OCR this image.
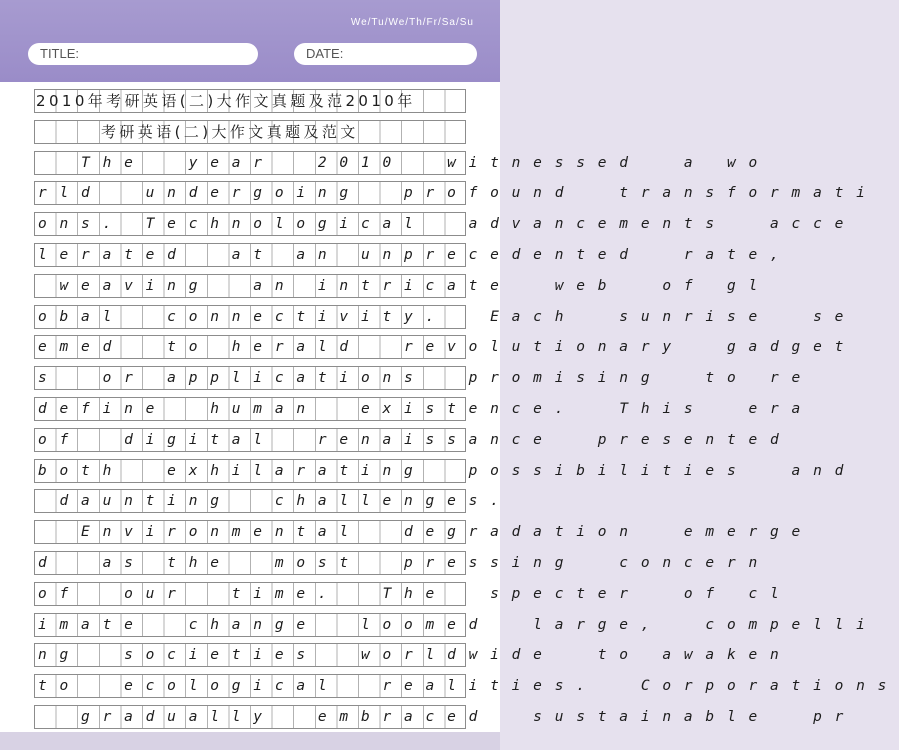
We/Tu/We/Th/Fr/Sa/Su
TITLE:	DATE:
2010年考研英语(二)大作文真题及范2010年
考研英语(二)大作文真题及范文
The  year  2010  witnessed  a wo
rld  undergoing  profound  transformati
ons. Technological  advancements  acce
lerated  at an unprecedented  rate,
weaving  an intricate  web  of gl
obal  connectivity.  Each  sunrise  se
emed  to herald  revolutionary  gadget
s  or applications  promising  to re
define  human  existence.  This  era
of  digital  renaissance  presented
both  exhilarating  possibilities  and
daunting  challenges.
Environmental  degradation  emerge
d  as the  most  pressing  concern
of  our  time.  The  specter  of cl
imate  change  loomed  large,  compelli
ng  societies  worldwide  to awaken
to  ecological  realities.  Corporations
gradually  embraced  sustainable  pr
